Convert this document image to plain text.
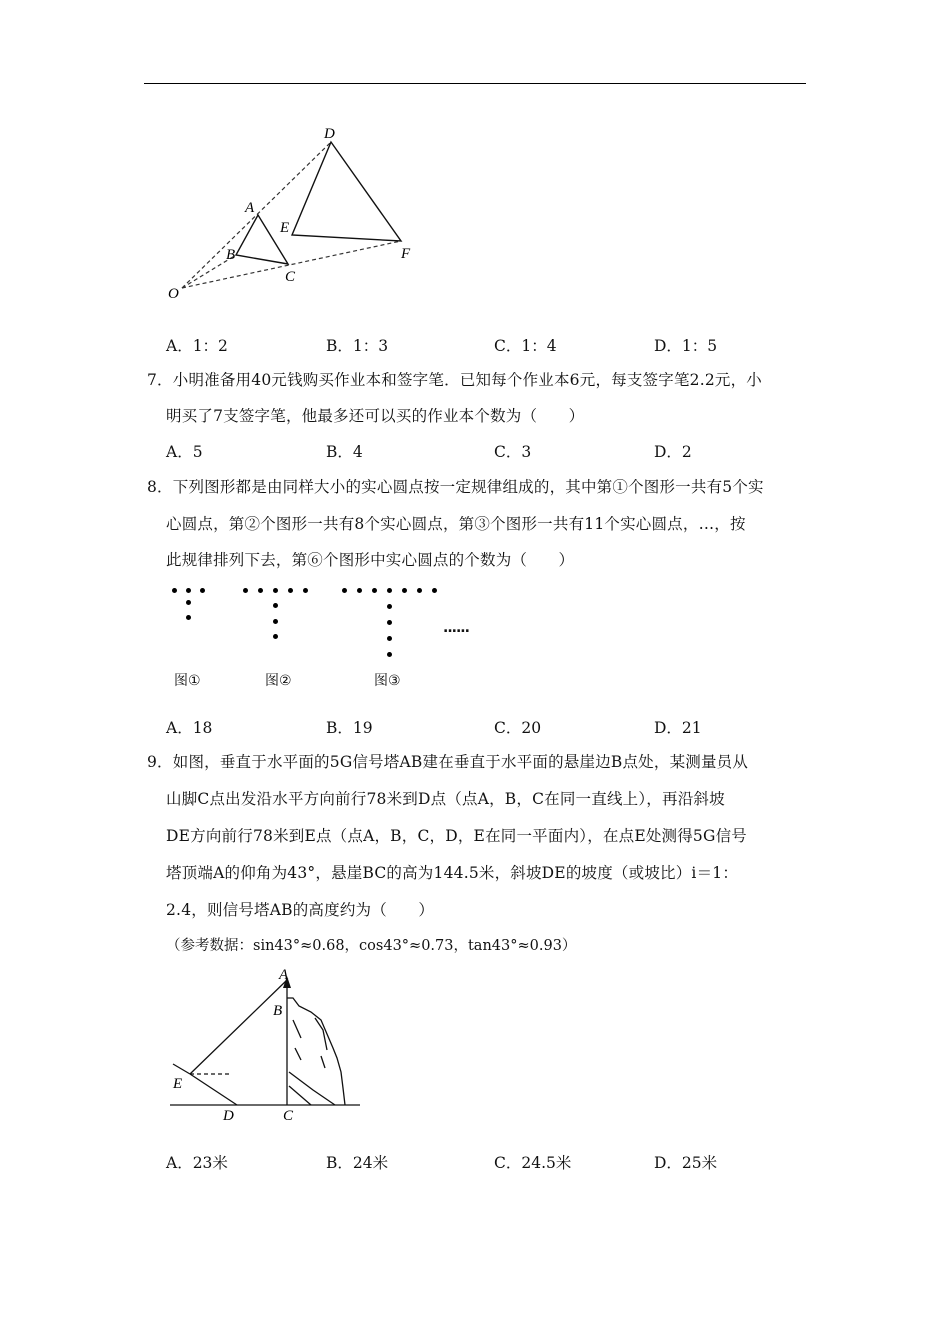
D
A
E
B
C
F
O
A．1：2	B．1：3	C．1：4	D．1：5
7．小明准备用40元钱购买作业本和签字笔．已知每个作业本6元，每支签字笔2.2元，小
明买了7支签字笔，他最多还可以买的作业本个数为（　　）
A．5	B．4	C．3	D．2
8．下列图形都是由同样大小的实心圆点按一定规律组成的，其中第①个图形一共有5个实
心圆点，第②个图形一共有8个实心圆点，第③个图形一共有11个实心圆点，…，按
此规律排列下去，第⑥个图形中实心圆点的个数为（　　）
......
图①	图②	图③
A．18	B．19	C．20	D．21
9．如图，垂直于水平面的5G信号塔AB建在垂直于水平面的悬崖边B点处，某测量员从
山脚C点出发沿水平方向前行78米到D点（点A，B，C在同一直线上），再沿斜坡
DE方向前行78米到E点（点A，B，C，D，E在同一平面内），在点E处测得5G信号
塔顶端A的仰角为43°，悬崖BC的高为144.5米，斜坡DE的坡度（或坡比）i＝1：
2.4，则信号塔AB的高度约为（　　）
（参考数据：sin43°≈0.68，cos43°≈0.73，tan43°≈0.93）
A
B
E
D	C
A．23米	B．24米	C．24.5米	D．25米
